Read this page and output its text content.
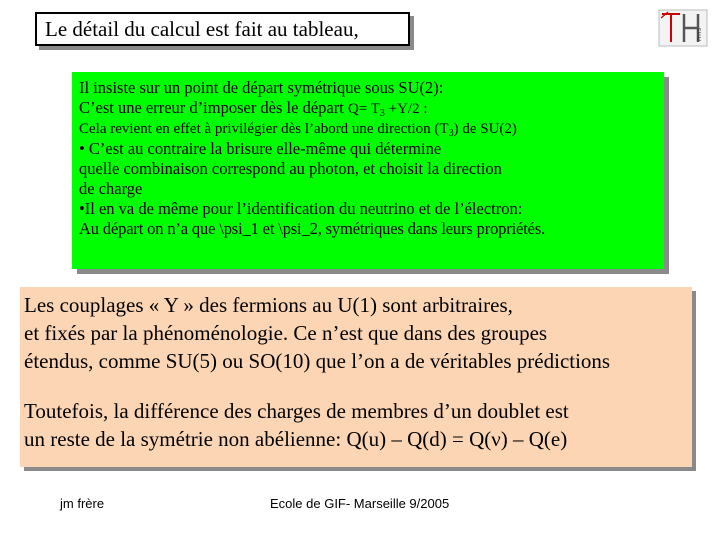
Le détail du calcul est fait au tableau,	PHYS
Il insiste sur un point de départ symétrique sous SU(2):
C’est une erreur d’imposer dès le départ $Q= T_3 +Y/2$ :
Cela revient en effet à privilégier dès l’abord une direction $(T_3)$ de SU(2)
• C’est au contraire la brisure elle-même qui détermine
quelle combinaison correspond au photon, et choisit la direction
de charge
•Il en va de même pour l’identification du neutrino et de l’électron:
Au départ on n’a que \psi_1 et \psi_2, symétriques dans leurs propriétés.
Les couplages « Y » des fermions au U(1) sont arbitraires,
et fixés par la phénoménologie. Ce n’est que dans des groupes
étendus, comme SU(5) ou SO(10) que l’on a de véritables prédictions
Toutefois, la différence des charges de membres d’un doublet est
un reste de la symétrie non abélienne: Q(u) – Q(d) = Q(ν) – Q(e)
jm frère	Ecole de GIF- Marseille 9/2005
